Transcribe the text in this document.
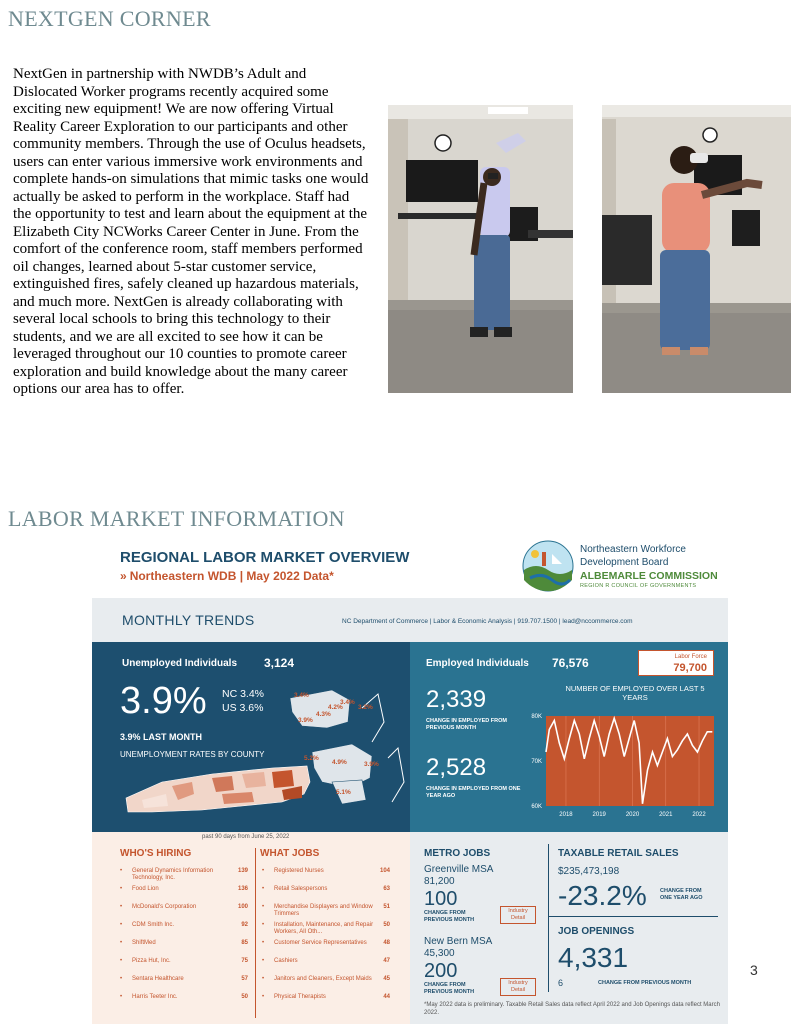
NEXTGEN CORNER

NextGen in partnership with NWDB’s Adult and Dislocated Worker programs recently acquired some exciting new equipment! We are now offering Virtual Reality Career Exploration to our participants and other community members. Through the use of Oculus headsets, users can enter various immersive work environments and complete hands-on simulations that mimic tasks one would actually be asked to perform in the workplace. Staff had the opportunity to test and learn about the equipment at the Elizabeth City NCWorks Career Center in June. From the comfort of the conference room, staff members performed oil changes, learned about 5-star customer service, extinguished fires, safely cleaned up hazardous materials, and much more. NextGen is already collaborating with several local schools to bring this technology to their students, and we are all excited to see how it can be leveraged throughout our 10 counties to promote career exploration and build knowledge about the many career options our area has to offer.

LABOR MARKET INFORMATION
REGIONAL LABOR MARKET OVERVIEW
» Northeastern WDB | May 2022 Data*
Northeastern Workforce
Development Board
ALBEMARLE COMMISSION
REGION R COUNCIL OF GOVERNMENTS
MONTHLY TRENDS	NC Department of Commerce | Labor & Economic Analysis | 919.707.1500 | lead@nccommerce.com
Unemployed Individuals 3,124
3.9% NC 3.4%
US 3.6%
3.9% LAST MONTH
UNEMPLOYMENT RATES BY COUNTY
3.4%
4.2%
3.4%
3.2%
4.3%
3.9%
5.2%
4.9%	3.9%
5.1%
Employed Individuals 76,576	Labor Force
79,700
2,339
CHANGE IN EMPLOYED FROM PREVIOUS MONTH
2,528
CHANGE IN EMPLOYED FROM ONE YEAR AGO
NUMBER OF EMPLOYED OVER LAST 5 YEARS
80K
70K
60K
2018	2019	2020	2021	2022
past 90 days from June 25, 2022
WHO'S HIRING	WHAT JOBS
• General Dynamics Information Technology, Inc.
139
• Food Lion	136
• McDonald's Corporation	100
• CDM Smith Inc.	92
• ShiftMed	85
• Pizza Hut, Inc.	75
• Sentara Healthcare	57
• Harris Teeter Inc.	50
• Registered Nurses	104
• Retail Salespersons	63
• Merchandise Displayers and Window Trimmers
51
• Installation, Maintenance, and Repair Workers, All Oth...
50
• Customer Service Representatives	48
• Cashiers	47
• Janitors and Cleaners, Except Maids	45
• Physical Therapists	44
METRO JOBS
Greenville MSA
81,200
100
CHANGE FROM PREVIOUS MONTH
Industry Detail
New Bern MSA
45,300
200
CHANGE FROM PREVIOUS MONTH
Industry Detail
TAXABLE RETAIL SALES
$235,473,198
-23.2% CHANGE FROM ONE YEAR AGO
JOB OPENINGS
4,331
6	CHANGE FROM PREVIOUS MONTH
*May 2022 data is preliminary. Taxable Retail Sales data reflect April 2022 and Job Openings data reflect March 2022.
3
